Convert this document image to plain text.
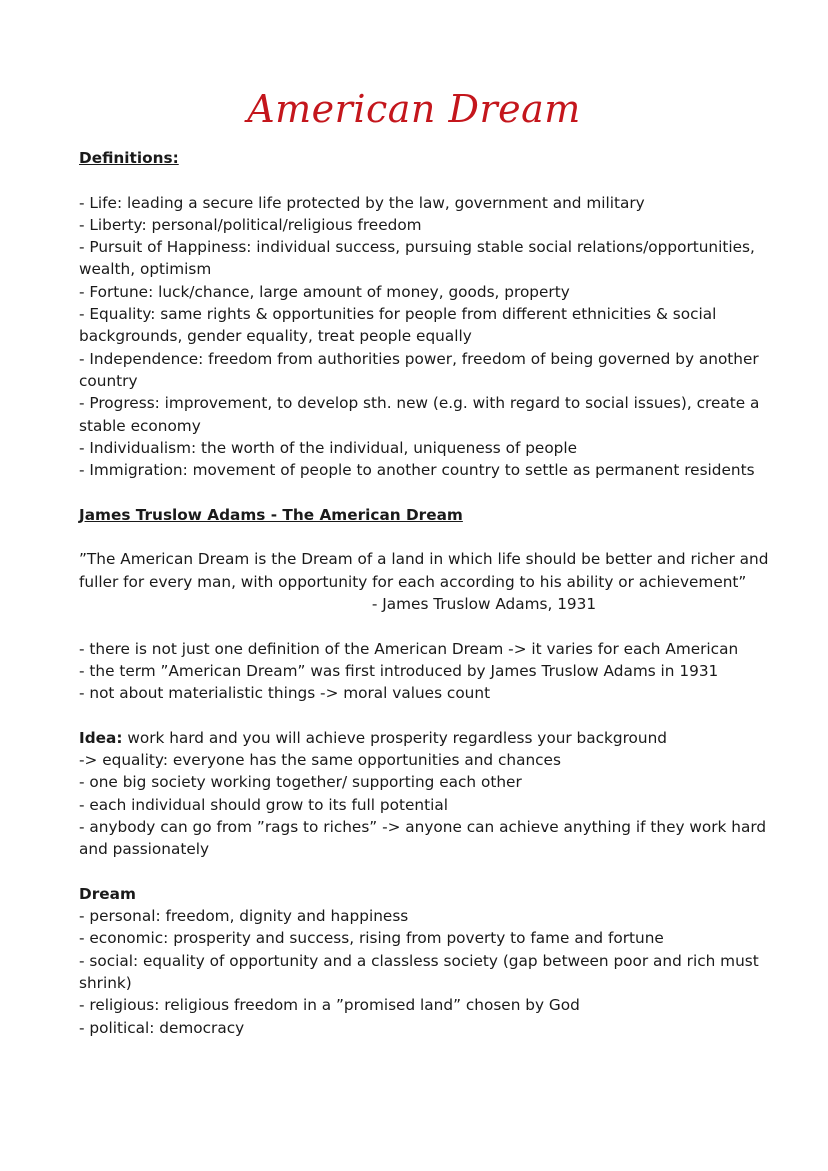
American Dream

Definitions:

- Life: leading a secure life protected by the law, government and military

- Liberty: personal/political/religious freedom

- Pursuit of Happiness: individual success, pursuing stable social relations/opportunities,

wealth, optimism

- Fortune: luck/chance, large amount of money, goods, property

- Equality: same rights & opportunities for people from different ethnicities & social

backgrounds, gender equality, treat people equally

- Independence: freedom from authorities power, freedom of being governed by another

country

- Progress: improvement, to develop sth. new (e.g. with regard to social issues), create a

stable economy

- Individualism: the worth of the individual, uniqueness of people

- Immigration: movement of people to another country to settle as permanent residents

James Truslow Adams - The American Dream

”The American Dream is the Dream of a land in which life should be better and richer and

fuller for every man, with opportunity for each according to his ability or achievement”

- James Truslow Adams, 1931

- there is not just one definition of the American Dream -> it varies for each American

- the term ”American Dream” was first introduced by James Truslow Adams in 1931

- not about materialistic things -> moral values count

Idea: work hard and you will achieve prosperity regardless your background

-> equality: everyone has the same opportunities and chances

- one big society working together/ supporting each other

- each individual should grow to its full potential

- anybody can go from ”rags to riches” -> anyone can achieve anything if they work hard

and passionately

Dream

- personal: freedom, dignity and happiness

- economic: prosperity and success, rising from poverty to fame and fortune

- social: equality of opportunity and a classless society (gap between poor and rich must

shrink)

- religious: religious freedom in a ”promised land” chosen by God

- political: democracy
